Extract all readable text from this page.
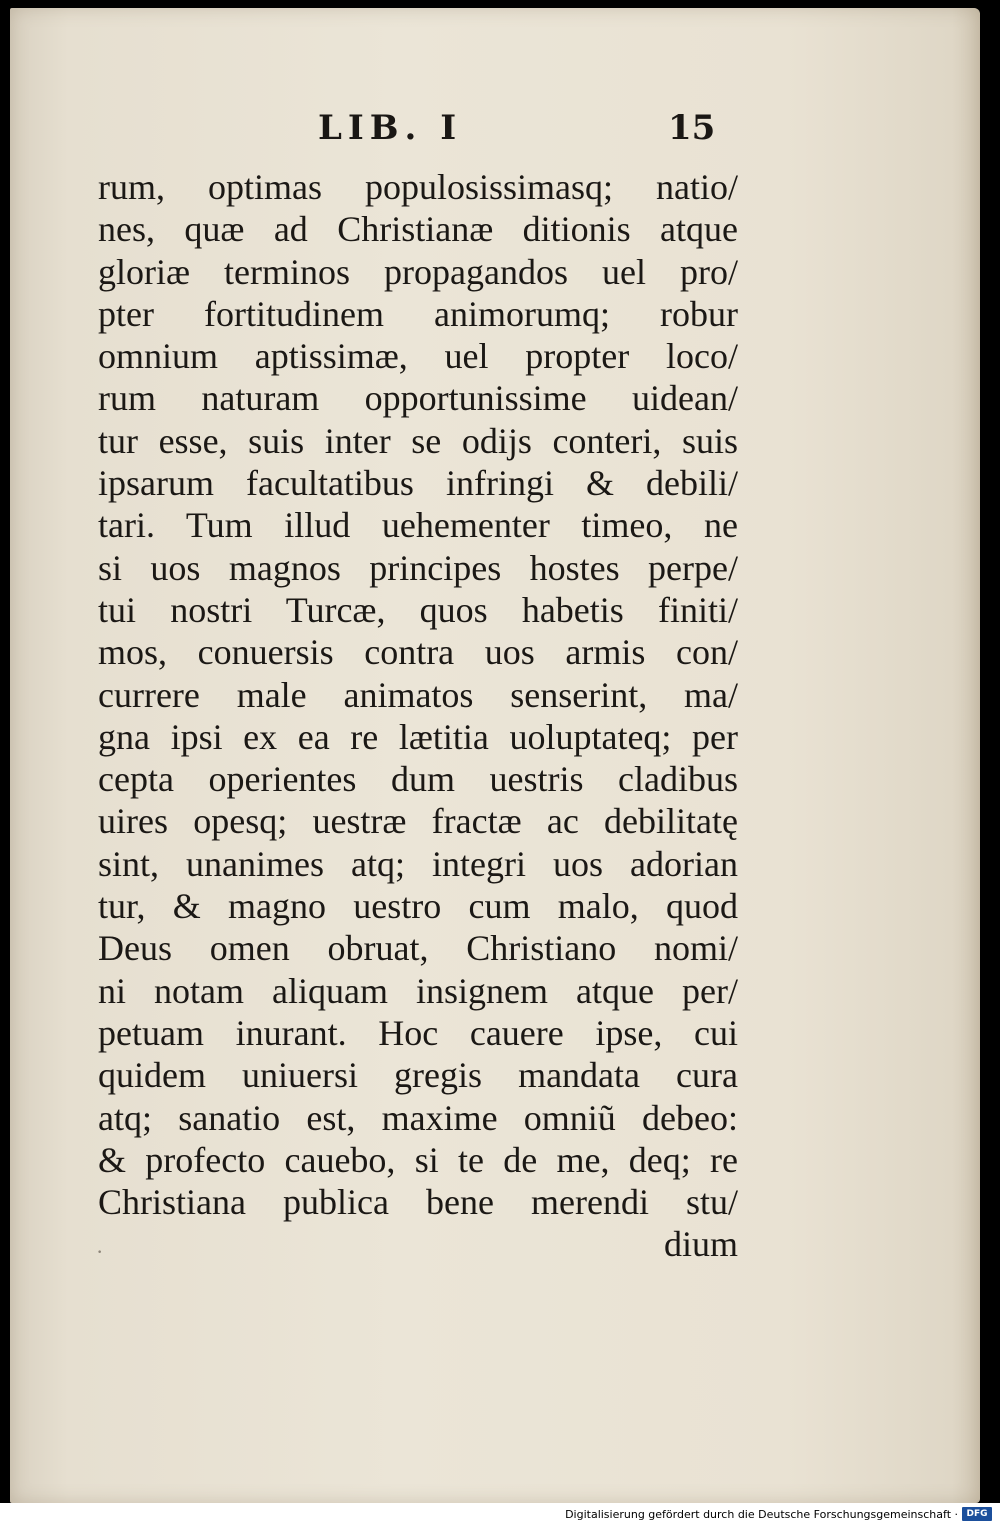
LIB. I	15
rum, optimas populosissimasq; natio/
nes, quæ ad Christianæ ditionis atque
gloriæ terminos propagandos uel pro/
pter fortitudinem animorumq; robur
omnium aptissimæ, uel propter loco/
rum naturam opportunissime uidean/
tur esse, suis inter se odijs conteri, suis
ipsarum facultatibus infringi & debili/
tari. Tum illud uehementer timeo, ne
si uos magnos principes hostes perpe/
tui nostri Turcæ, quos habetis finiti/
mos, conuersis contra uos armis con/
currere male animatos senserint, ma/
gna ipsi ex ea re lætitia uoluptateq; per
cepta operientes dum uestris cladibus
uires opesq; uestræ fractæ ac debilitatę
sint, unanimes atq; integri uos adorian
tur, & magno uestro cum malo, quod
Deus omen obruat, Christiano nomi/
ni notam aliquam insignem atque per/
petuam inurant. Hoc cauere ipse, cui
quidem uniuersi gregis mandata cura
atq; sanatio est, maxime omniũ debeo:
& profecto cauebo, si te de me, deq; re
Christiana publica bene merendi stu/
dium
·
Digitalisierung gefördert durch die Deutsche Forschungsgemeinschaft · DFG
